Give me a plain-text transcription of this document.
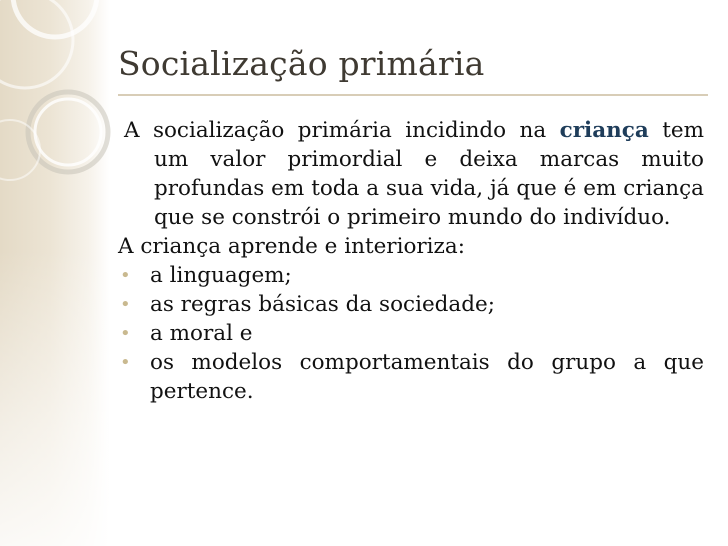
Socialização primária

A socialização primária incidindo na criança tem um valor primordial e deixa marcas muito profundas em toda a sua vida, já que é em criança que se constrói o primeiro mundo do indivíduo.

A criança aprende e interioriza:

• a linguagem;

• as regras básicas da sociedade;

• a moral e

• os modelos comportamentais do grupo a que pertence.
